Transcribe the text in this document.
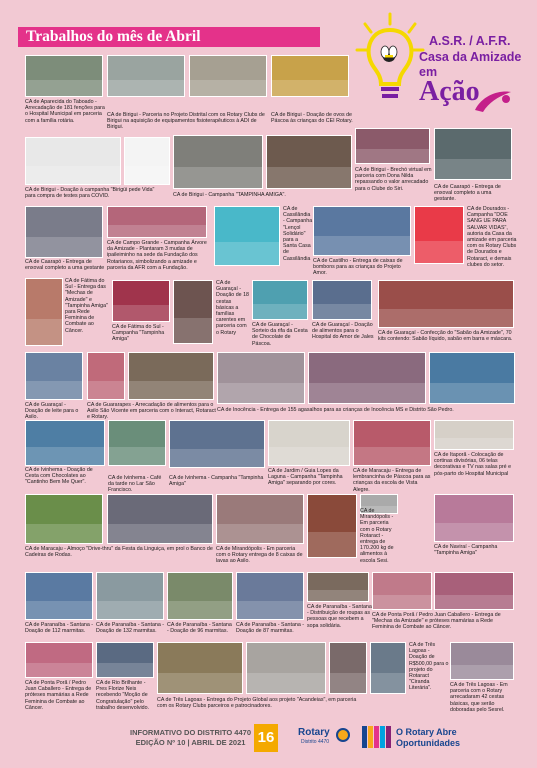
Trabalhos do mês de Abril	A.S.R. / A.F.R.
Casa da Amizade
em
Ação
CA de Aparecida do Taboado - Arrecadação de 181 fenções para o Hospital Municipal em parceria com a família rotária.
CA de Birigui - Parceria no Projeto Distrital com os Rotary Clubs de Birigui na aquisição de equipamentos fisioterapêuticos à ADI de Birigui.
CA de Birigui - Doação de ovos de Páscoa às crianças do CEI Rotary.
CA de Birigui - Doação à campanha "Birigüi pede Vida" para compra de testes para COVID.	CA de Birigui - Campanha "TAMPINHA AMIGA".
CA de Birigui - Brechó virtual em parceria com Dona Nilda repassando o valor arrecadado para o Clube do Siri.	CA de Caarapó - Entrega de enxoval completo a uma gestante.
CA de Caarapó - Entrega de enxoval completo a uma gestante
CA de Campo Grande - Campanha Árvore da Amizade - Plantaram 3 mudas de ipaileiminho na sede da Fundação dos Rotarianos, simbolizando a amizade e parceria da AFR com a Fundação.
CA de Cassilândia - Campanha "Lençol Solidário" para a Santa Casa de Cassilândia CA de Castilho - Entrega de caixas de bombons para as crianças do Projeto Amor.
CA de Dourados - Campanha "DOE SANG UE PARA SALVAR VIDAS", autoria da Casa da amizade em parceria com os Rotary Clubs de Dourados e Rotaract, e demais clubes do setor.
CA de Fátima do Sul - Entrega das "Mechas de Amizade" e "Tampinha Amiga" para Rede Feminina de Combate ao Câncer.
CA de Fátima do Sul - Campanha "Tampinha Amiga"
CA de Guaraçaí - Doação de 18 cestas básicas a famílias carentes em parceria com o Rotary
CA de Guaraçaí - Sorteio da rifa da Cesta de Chocolate de Páscoa.
CA de Guaraçaí - Doação de alimentos para o Hospital do Amor de Jales
CA de Guaraçaí - Confecção do "Sabão da Amizade", 70 kits contendo: Sabão líquido, sabão em barra e máscara.
CA de Guaraçaí - Doação de leite para o Asilo.
CA de Guararapes - Arrecadação de alimentos para o Asilo São Vicente em parceria com o Interact, Rotaract e Rotary.
CA de Inocência - Entrega de 155 agasalhos para as crianças de Inocência MS e Distrito São Pedro.
CA de Ivinhema - Doação de Cesta com Chocolates ao "Cantinho Bem Me Quer".
CA de Ivinhema - Café da tarde no Lar São Francisco.
CA de Ivinhema - Campanha "Tampinha Amiga"
CA de Jardim / Guia Lopes da Laguna - Campanha "Tampinha Amiga" separando por cores.
CA de Maracaju - Entrega de lembrancinha de Páscoa para as crianças da escola de Vista Alegre.
CA de Itaporã - Colocação de cortinas divisórias, 06 telas decorativas e TV nas salas pré e pós-parto do Hospital Municipal
CA de Maracaju - Almoço "Drive-thru" da Festa da Linguiça, em prol o Banco de Cadeiras de Rodas.
CA de Mirandópolis - Em parceria com o Rotary entrega de 8 caixas de lavas ao Asilo.
CA de Mirandópolis - Em parceria com o Rotary Rotaract - entrega de 170.200 kg de alimentos à escola Sesi.
CA de Naviraí - Campanha "Tampinha Amiga"
CA de Paranaíba - Santana - Doação de 112 marmitas.
CA de Paranaíba - Santana - Doação de 132 marmitas.
CA de Paranaíba - Santana - Doação de 96 marmitas.
CA de Paranaíba - Santana - Doação de 87 marmitas.
CA de Paranaíba - Santana - Distribuição de roupas as pessoas que recebem a sopa solidária.
CA de Ponta Porã / Pedro Juan Caballero - Entrega de "Mechas da Amizade" e próteses mamárias a Rede Feminina de Combate ao Câncer.
CA de Ponta Porã / Pedro Juan Caballero - Entrega de próteses mamárias a Rede Feminina de Combate ao Câncer.
CA de Rio Brilhante - Pres Florize Neis recebendo "Moção de Congratulação" pelo trabalho desenvolvido.
CA de Três Lagoas - Entrega do Projeto Global aos projeto "Acandeias", em parceria com os Rotary Clubs parceiros e patrocinadores.
CA de Três Lagoas - Doação de R$500,00 para o projeto do Rotaract "Ciranda Literária".
CA de Três Lagoas - Em parceria com o Rotary arrecadaram 42 cestas básicas, que serão doboradas pelo Sesrel.
INFORMATIVO DO DISTRITO 4470
EDIÇÃO Nº 10 | ABRIL DE 2021 16	Rotary
Distrito 4470
O Rotary Abre
Oportunidades
